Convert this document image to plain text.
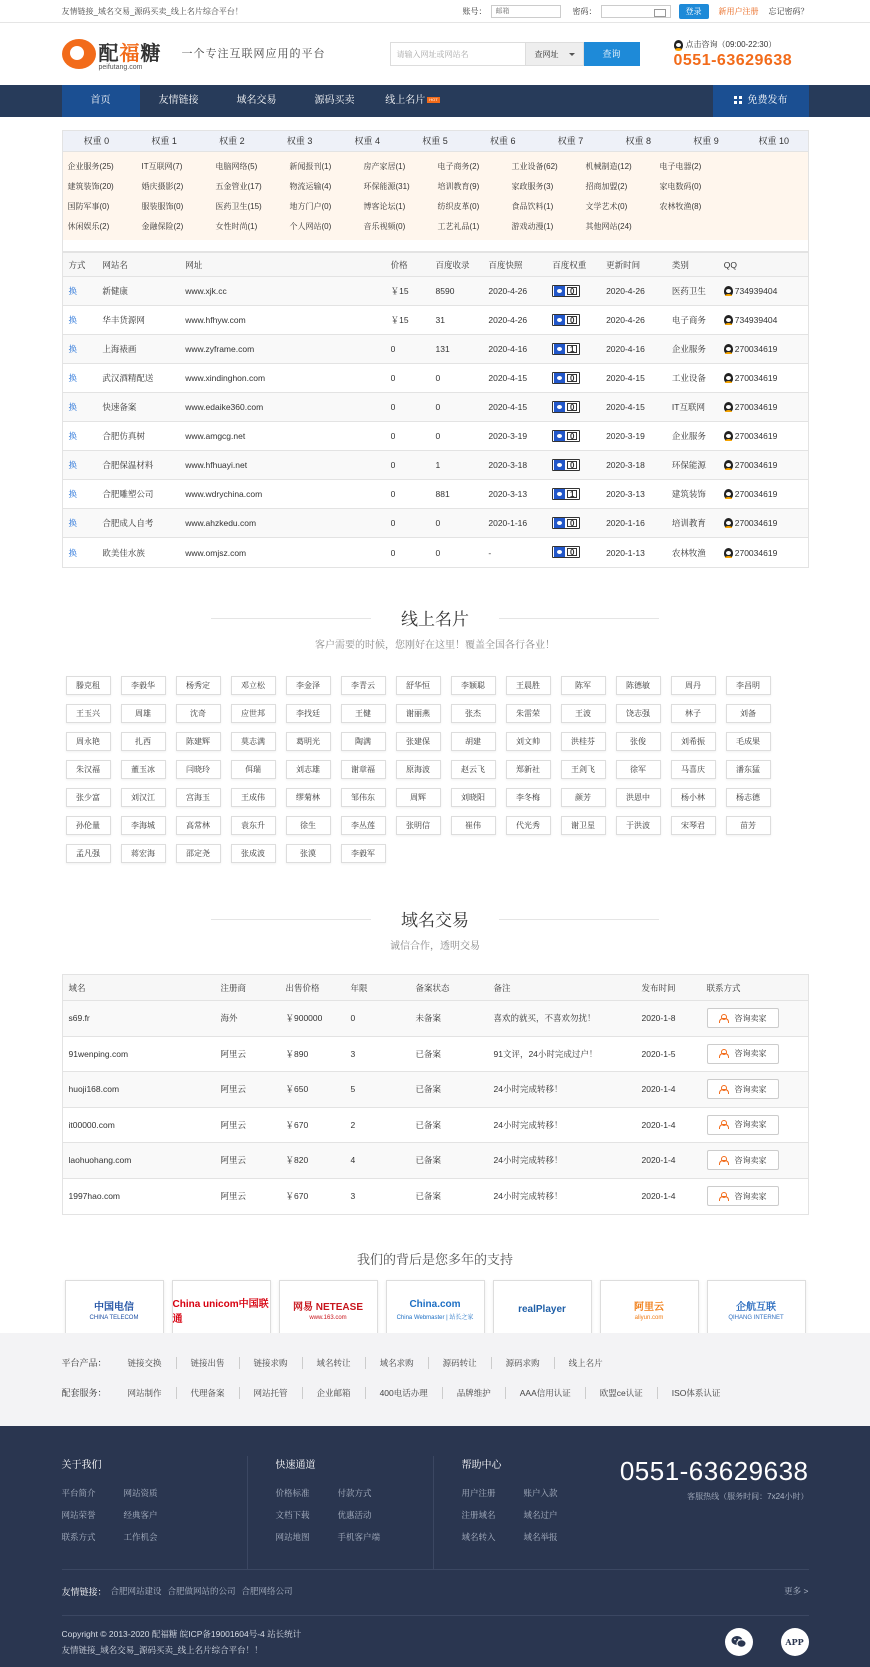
友情链接_域名交易_源码买卖_线上名片综合平台！	账号：
邮箱	密码：	登录	新用户注册 忘记密码？
配福糖
peifutang.com
一个专注互联网应用的平台	请输入网址或网站名	查网址	查询
点击咨询（09:00-22:30）
0551-63629638
首页	友情链接	域名交易	源码买卖	线上名片 HOT	免费发布
权重 0	权重 1	权重 2	权重 3	权重 4	权重 5	权重 6	权重 7	权重 8	权重 9	权重 10
企业服务(25)	IT互联网(7)	电脑网络(5)	新闻报刊(1)	房产家居(1)	电子商务(2)	工业设备(62)	机械制造(12)	电子电器(2)
建筑装饰(20)	婚庆摄影(2)	五金管业(17)	物流运输(4)	环保能源(31)	培训教育(9)	家政服务(3)	招商加盟(2)	家电数码(0)
国防军事(0)	服装服饰(0)	医药卫生(15)	地方门户(0)	博客论坛(1)	纺织皮革(0)	食品饮料(1)	文学艺术(0)	农林牧渔(8)
休闲娱乐(2)	金融保险(2)	女性时尚(1)	个人网站(0)	音乐视频(0)	工艺礼品(1)	游戏动漫(1)	其他网站(24)
方式	网站名	网址	价格	百度收录	百度快照	百度权重	更新时间	类别	QQ
换	新健康	www.xjk.cc	￥15	8590	2020-4-26	0	2020-4-26	医药卫生	734939404
换	华丰货源网	www.hfhyw.com	￥15	31	2020-4-26	0	2020-4-26	电子商务	734939404
换	上海裱画	www.zyframe.com	0	131	2020-4-16	1	2020-4-16	企业服务	270034619
换	武汉酒精配送	www.xindinghon.com	0	0	2020-4-15	0	2020-4-15	工业设备	270034619
换	快速备案	www.edaike360.com	0	0	2020-4-15	0	2020-4-15	IT互联网	270034619
换	合肥仿真树	www.amgcg.net	0	0	2020-3-19	0	2020-3-19	企业服务	270034619
换	合肥保温材料	www.hfhuayi.net	0	1	2020-3-18	0	2020-3-18	环保能源	270034619
换	合肥雕塑公司	www.wdrychina.com	0	881	2020-3-13	1	2020-3-13	建筑装饰	270034619
换	合肥成人自考	www.ahzkedu.com	0	0	2020-1-16	0	2020-1-16	培训教育	270034619
换	欧美佳水族	www.omjsz.com	0	0	-	0	2020-1-13	农林牧渔	270034619
线上名片
客户需要的时候，您刚好在这里！覆盖全国各行各业！
滕克租	李毅华	杨秀定	邓立松	李金泽	李青云	舒华恒	李颖聪	王晨胜	陈军	陈德敏	周丹	李昌明
王玉兴	周雄	沈奇	应世邦	李找廷	王健	谢丽燕	张杰	朱雷荣	王波	饶志强	林子	刘备
周永艳	扎西	陈建辉	莫志满	葛明光	陶满	张建保	胡建	刘文帅	洪桂芬	张俊	刘希振	毛成果
朱汉福	董玉冰	闫晓玲	佴瑞	刘志雄	谢章福	原海波	赵云飞	郑新社	王剑飞	徐军	马喜庆	潘东猛
张少富	刘汉江	宫海玉	王成伟	缪菊林	邹伟东	周辉	刘晓阳	李冬梅	颜芳	洪恩中	杨小林	杨志德
孙伦量	李海城	高常林	袁东升	徐生	李丛莲	张明信	崔伟	代光秀	谢卫星	于洪波	宋琴君	苗芳
孟凡强	蒋宏海	邵定尧	张成波	张漠	李毅军
域名交易
诚信合作，透明交易
域名	注册商	出售价格	年限	备案状态	备注	发布时间	联系方式
s69.fr	海外	￥900000	0	未备案	喜欢的就买，不喜欢勿扰！	2020-1-8	咨询卖家
91wenping.com	阿里云	￥890	3	已备案	91文评，24小时完成过户！	2020-1-5	咨询卖家
huoji168.com	阿里云	￥650	5	已备案	24小时完成转移！	2020-1-4	咨询卖家
it00000.com	阿里云	￥670	2	已备案	24小时完成转移！	2020-1-4	咨询卖家
laohuohang.com	阿里云	￥820	4	已备案	24小时完成转移！	2020-1-4	咨询卖家
1997hao.com	阿里云	￥670	3	已备案	24小时完成转移！	2020-1-4	咨询卖家
我们的背后是您多年的支持
中国电信
CHINA TELECOM
China unicom中国联通
网易 NETEASE
www.163.com
China.com
China Webmaster | 站长之家
realPlayer	阿里云
aliyun.com
企航互联
QIHANG INTERNET
平台产品：	链接交换	链接出售	链接求购	域名转让	域名求购	源码转让	源码求购	线上名片
配套服务：	网站制作	代理备案	网站托管	企业邮箱	400电话办理	品牌维护	AAA信用认证	欧盟ce认证	ISO体系认证
关于我们
平台简介	网站资质
网站荣誉	经典客户
联系方式	工作机会
快速通道
价格标准	付款方式
文档下载	优惠活动
网站地图	手机客户端
帮助中心
用户注册	账户入款
注册域名	域名过户
域名转入	域名举报
0551-63629638
客服热线（服务时间：7x24小时）
友情链接： 合肥网站建设 合肥做网站的公司 合肥网络公司	更多 >
Copyright © 2013-2020 配福糖 皖ICP备19001604号-4 站长统计
友情链接_域名交易_源码买卖_线上名片综合平台！！
APP
